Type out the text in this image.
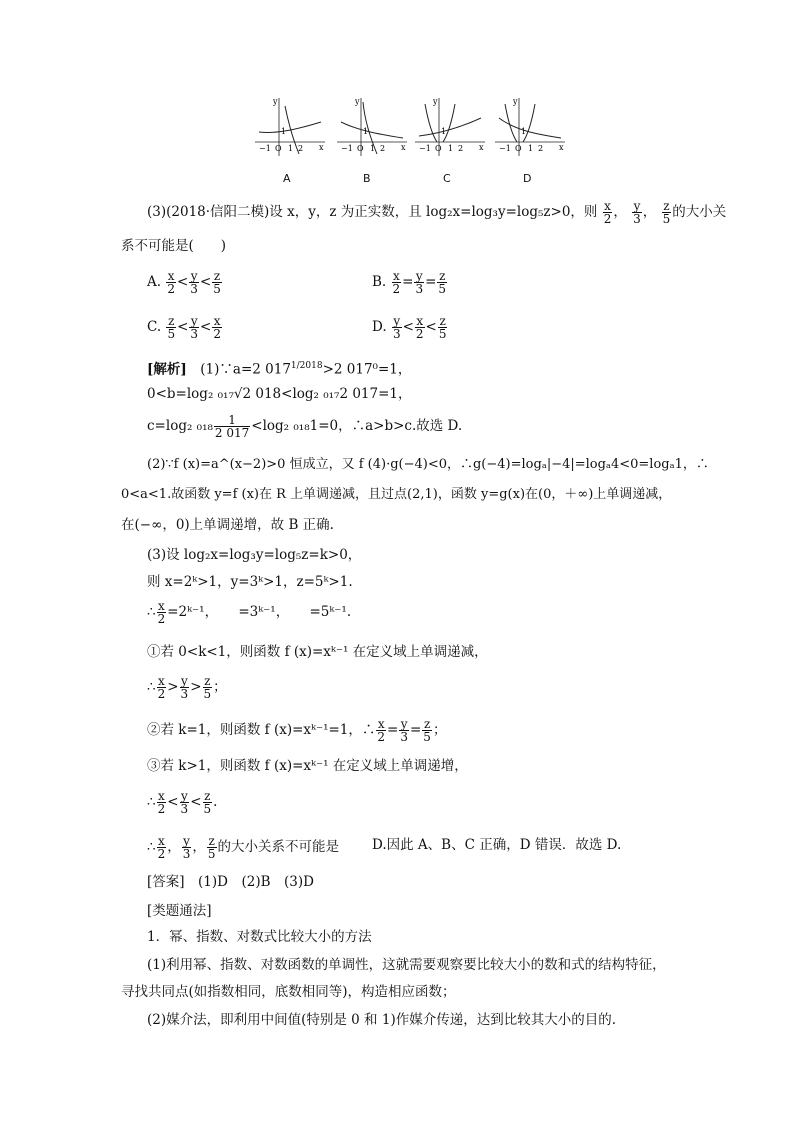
y
x
−1 O 1 2
1
y
x
−1 O 1 2
1
y
x
−1 O 1 2
1
y
x
−1 O 1 2
1
A	B	C	D
(3)(2018·信阳二模)设 x，y，z 为正实数，且 log₂x=log₃y=log₅z>0，则 $\frac{x}{2}$ ， $\frac{y}{3}$ ， $\frac{z}{5}$ 的大小关
系不可能是(　　)
A. $\frac{x}{2} < \frac{y}{3} < \frac{z}{5}$	B. $\frac{x}{2} = \frac{y}{3} = \frac{z}{5}$
C. $\frac{z}{5} < \frac{y}{3} < \frac{x}{2}$	D. $\frac{y}{3} < \frac{x}{2} < \frac{z}{5}$
[解析]　 (1)∵a=2 $017^{1/2018}>2$ 017⁰=1，
0<b=log₂ ₀₁₇√2 018<log₂ ₀₁₇2 017=1，
c=log₂ $_{018} \frac{1}{2 017} <\log_2$ ₀₁₈1=0，∴a>b>c.故选 D.
(2)∵f (x)=a^(x−2)>0 恒成立，又 f (4)·g(−4)<0，∴g(−4)=logₐ|−4|=logₐ4<0=logₐ1，∴
0<a<1.故函数 y=f (x)在 R 上单调递减，且过点(2,1)，函数 y=g(x)在(0，＋∞)上单调递减，
在(−∞，0)上单调递增，故 B 正确.
(3)设 log₂x=log₃y=log₅z=k>0，
则 x=2ᵏ>1，y=3ᵏ>1，z=5ᵏ>1.
∴ $\frac{x}{2}$ =2ᵏ⁻¹，　　=3ᵏ⁻¹，　　=5ᵏ⁻¹.
①若 0<k<1，则函数 f (x)=xᵏ⁻¹ 在定义域上单调递减，
∴ $\frac{x}{2} > \frac{y}{3} > \frac{z}{5}$ ；
②若 k=1，则函数 f (x)=xᵏ⁻¹=1，∴ $\frac{x}{2} = \frac{y}{3} = \frac{z}{5}$ ；
③若 k>1，则函数 f (x)=xᵏ⁻¹ 在定义域上单调递增，
∴ $\frac{x}{2} < \frac{y}{3} < \frac{z}{5}$ .
∴ $\frac{x}{2}$ ， $\frac{y}{3}$ ， $\frac{z}{5}$ 的大小关系不可能是 D.因此 A、B、C 正确，D 错误．故选 D.
[答案]　(1)D　(2)B　(3)D
[类题通法]
1．幂、指数、对数式比较大小的方法
(1)利用幂、指数、对数函数的单调性，这就需要观察要比较大小的数和式的结构特征，
寻找共同点(如指数相同，底数相同等)，构造相应函数；
(2)媒介法，即利用中间值(特别是 0 和 1)作媒介传递，达到比较其大小的目的.
